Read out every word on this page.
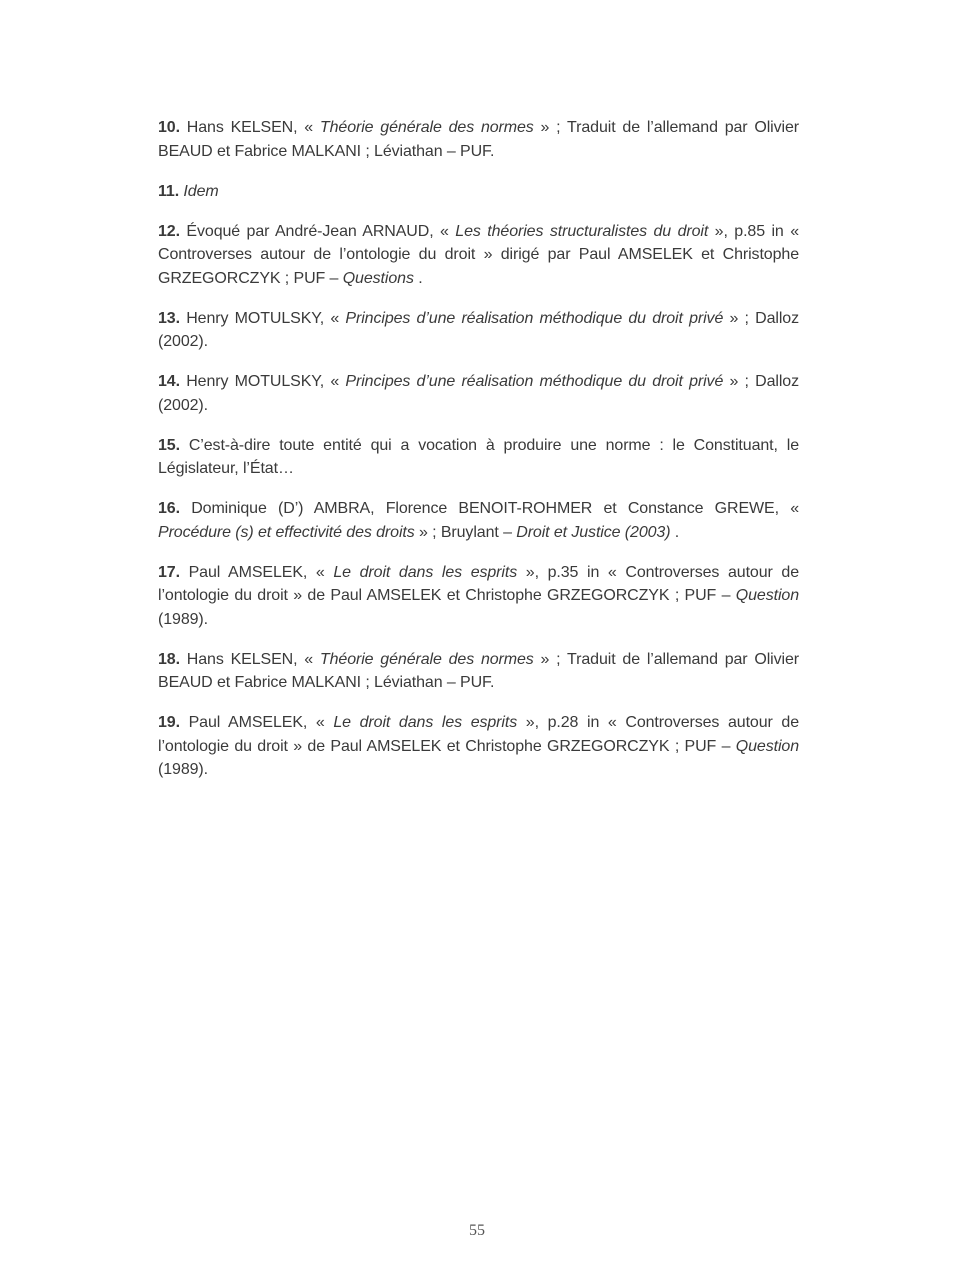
10. Hans KELSEN, « Théorie générale des normes » ; Traduit de l’allemand par Olivier BEAUD et Fabrice MALKANI ; Léviathan – PUF.

11. Idem

12. Évoqué par André-Jean ARNAUD, « Les théories structuralistes du droit », p.85 in « Controverses autour de l’ontologie du droit » dirigé par Paul AMSELEK et Christophe GRZEGORCZYK ; PUF – Questions .

13. Henry MOTULSKY, « Principes d’une réalisation méthodique du droit privé » ; Dalloz (2002).

14. Henry MOTULSKY, « Principes d’une réalisation méthodique du droit privé » ; Dalloz (2002).

15. C’est-à-dire toute entité qui a vocation à produire une norme : le Constituant, le Législateur, l’État…

16. Dominique (D’) AMBRA, Florence BENOIT-ROHMER et Constance GREWE, « Procédure (s) et effectivité des droits » ; Bruylant – Droit et Justice (2003) .

17. Paul AMSELEK, « Le droit dans les esprits », p.35 in « Controverses autour de l’ontologie du droit » de Paul AMSELEK et Christophe GRZEGORCZYK ; PUF – Question (1989).

18. Hans KELSEN, « Théorie générale des normes » ; Traduit de l’allemand par Olivier BEAUD et Fabrice MALKANI ; Léviathan – PUF.

19. Paul AMSELEK, « Le droit dans les esprits », p.28 in « Controverses autour de l’ontologie du droit » de Paul AMSELEK et Christophe GRZEGORCZYK ; PUF – Question (1989).

55
